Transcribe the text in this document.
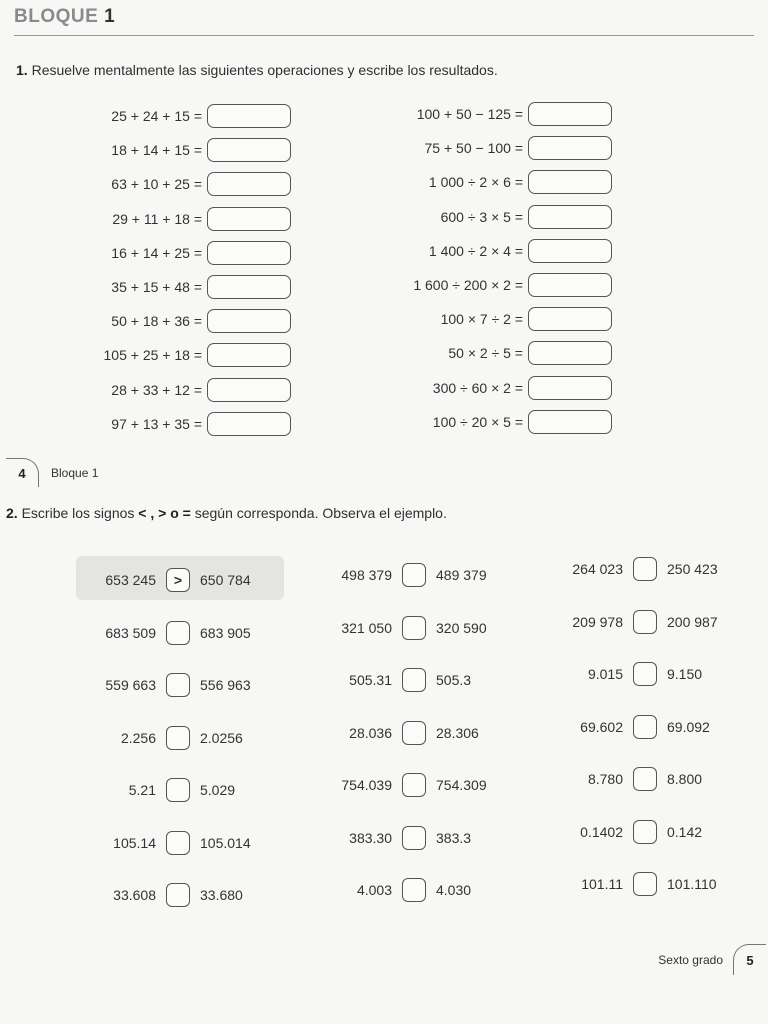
BLOQUE 1
1. Resuelve mentalmente las siguientes operaciones y escribe los resultados.
25 + 24 + 15 =
18 + 14 + 15 =
63 + 10 + 25 =
29 + 11 + 18 =
16 + 14 + 25 =
35 + 15 + 48 =
50 + 18 + 36 =
105 + 25 + 18 =
28 + 33 + 12 =
97 + 13 + 35 =
100 + 50 − 125 =
75 + 50 − 100 =
1 000 ÷ 2 × 6 =
600 ÷ 3 × 5 =
1 400 ÷ 2 × 4 =
1 600 ÷ 200 × 2 =
100 × 7 ÷ 2 =
50 × 2 ÷ 5 =
300 ÷ 60 × 2 =
100 ÷ 20 × 5 =
4	Bloque 1
2. Escribe los signos < , > o = según corresponda. Observa el ejemplo.
653 245	>	650 784
683 509	683 905
559 663	556 963
2.256	2.0256
5.21	5.029
105.14	105.014
33.608	33.680
498 379	489 379
321 050	320 590
505.31	505.3
28.036	28.306
754.039	754.309
383.30	383.3
4.003	4.030
264 023	250 423
209 978	200 987
9.015	9.150
69.602	69.092
8.780	8.800
0.1402	0.142
101.11	101.110
Sexto grado	5
